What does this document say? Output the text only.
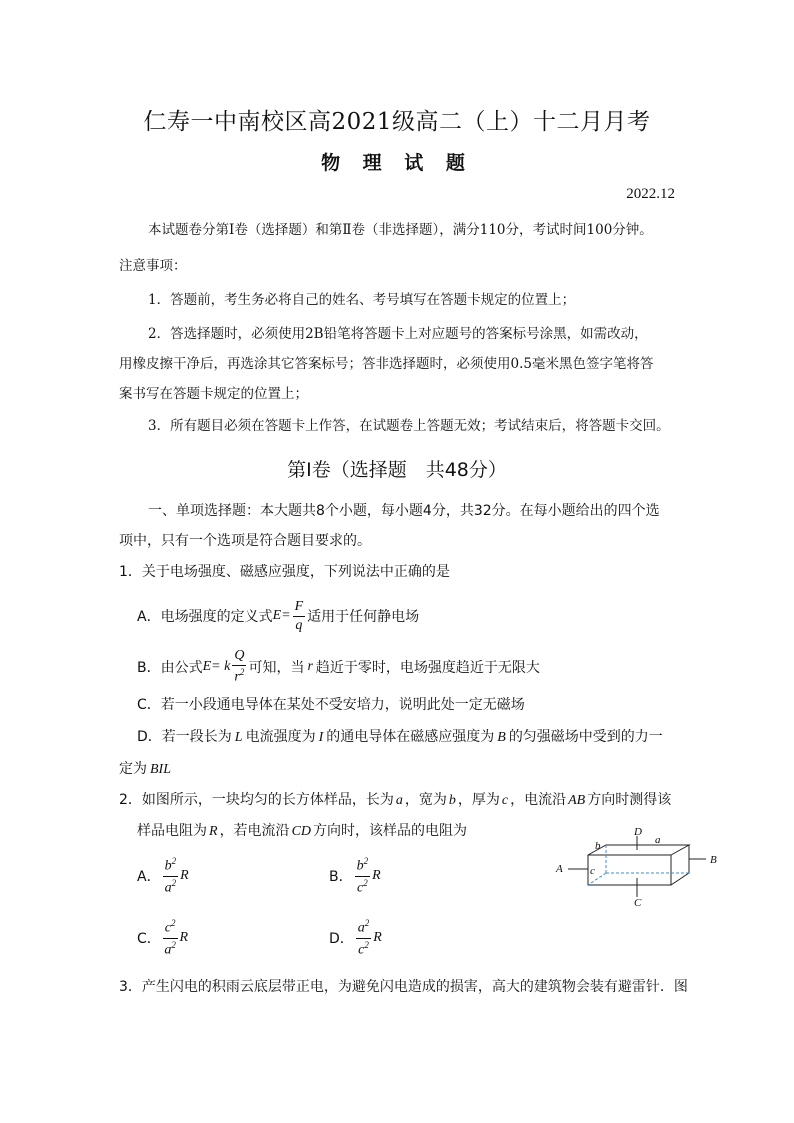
仁寿一中南校区高2021级高二（上）十二月月考
物 理 试 题
2022.12
本试题卷分第Ⅰ卷（选择题）和第Ⅱ卷（非选择题），满分110分，考试时间100分钟。
注意事项：
1．答题前，考生务必将自己的姓名、考号填写在答题卡规定的位置上；
2．答选择题时，必须使用2B铅笔将答题卡上对应题号的答案标号涂黑，如需改动，
用橡皮擦干净后，再选涂其它答案标号；答非选择题时，必须使用0.5毫米黑色签字笔将答
案书写在答题卡规定的位置上；
3．所有题目必须在答题卡上作答，在试题卷上答题无效；考试结束后，将答题卡交回。
第Ⅰ卷（选择题　共48分）
一、单项选择题：本大题共8个小题，每小题4分，共32分。在每小题给出的四个选
项中，只有一个选项是符合题目要求的。
1．关于电场强度、磁感应强度，下列说法中正确的是
A．电场强度的定义式 $E = \frac{F}{q}$ 适用于任何静电场
B．由公式 E = k $\frac{Q}{r^2}$ 可知，当 r 趋近于零时，电场强度趋近于无限大
C．若一小段通电导体在某处不受安培力，说明此处一定无磁场
D．若一段长为 L 电流强度为 I 的通电导体在磁感应强度为 B 的匀强磁场中受到的力一
定为 BIL
2．如图所示，一块均匀的长方体样品，长为 a ，宽为 b ，厚为 c ，电流沿 AB 方向时测得该
样品电阻为 R ，若电流沿 CD 方向时，该样品的电阻为
A． $\frac{b^2}{a^2}$ R	B． $\frac{b^2}{c^2}$ R
C． $\frac{c^2}{a^2}$ R	D． $\frac{a^2}{c^2}$ R
A
B
C
D
a
b
c
3．产生闪电的积雨云底层带正电，为避免闪电造成的损害，高大的建筑物会装有避雷针．图
